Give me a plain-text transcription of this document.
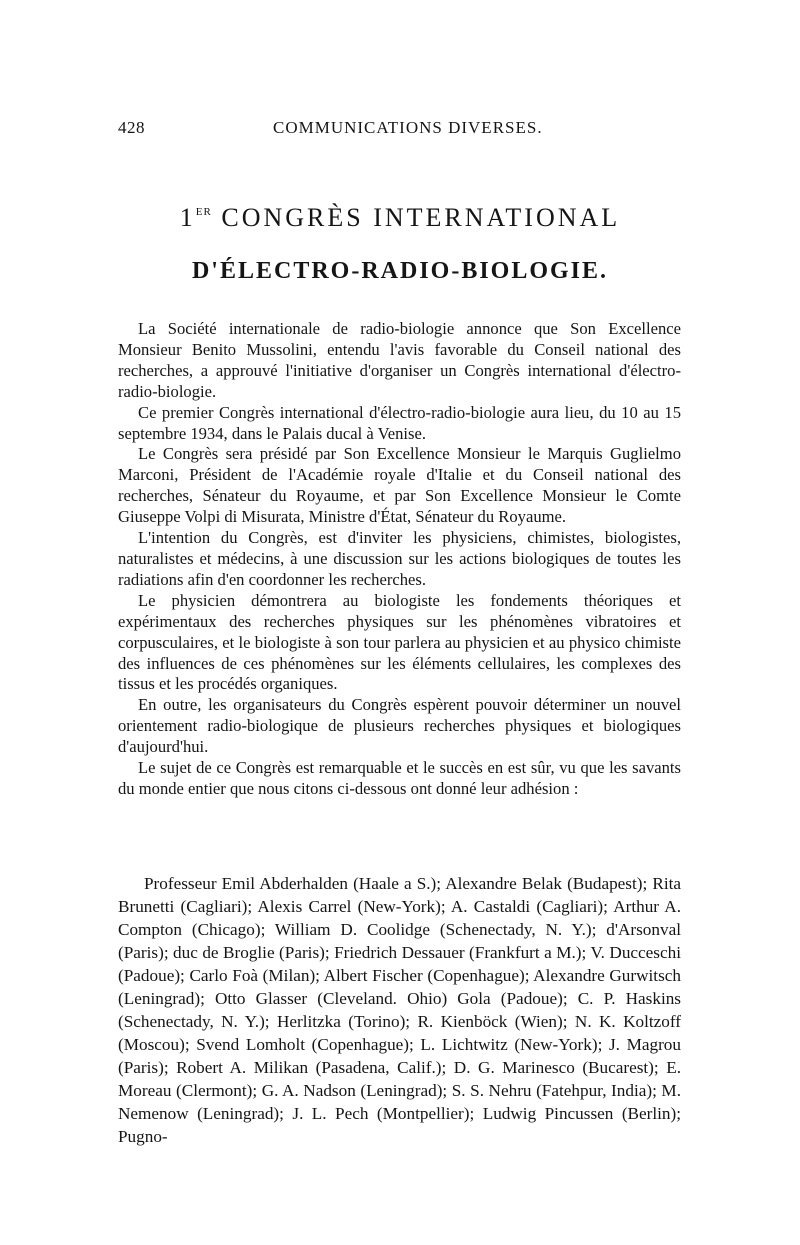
428	COMMUNICATIONS DIVERSES.
1ER CONGRÈS INTERNATIONAL
D'ÉLECTRO-RADIO-BIOLOGIE.

La Société internationale de radio-biologie annonce que Son Excellence Monsieur Benito Mussolini, entendu l'avis favorable du Conseil national des recherches, a approuvé l'initiative d'organiser un Congrès international d'électro-radio-biologie.

Ce premier Congrès international d'électro-radio-biologie aura lieu, du 10 au 15 septembre 1934, dans le Palais ducal à Venise.

Le Congrès sera présidé par Son Excellence Monsieur le Marquis Guglielmo Marconi, Président de l'Académie royale d'Italie et du Conseil national des recherches, Sénateur du Royaume, et par Son Excellence Monsieur le Comte Giuseppe Volpi di Misurata, Ministre d'État, Sénateur du Royaume.

L'intention du Congrès, est d'inviter les physiciens, chimistes, biologistes, naturalistes et médecins, à une discussion sur les actions biologiques de toutes les radiations afin d'en coordonner les recherches.

Le physicien démontrera au biologiste les fondements théoriques et expérimentaux des recherches physiques sur les phénomènes vibratoires et corpusculaires, et le biologiste à son tour parlera au physicien et au physico chimiste des influences de ces phénomènes sur les éléments cellulaires, les complexes des tissus et les procédés organiques.

En outre, les organisateurs du Congrès espèrent pouvoir déterminer un nouvel orientement radio-biologique de plusieurs recherches physiques et biologiques d'aujourd'hui.

Le sujet de ce Congrès est remarquable et le succès en est sûr, vu que les savants du monde entier que nous citons ci-dessous ont donné leur adhésion :

Professeur Emil Abderhalden (Haale a S.); Alexandre Belak (Budapest); Rita Brunetti (Cagliari); Alexis Carrel (New-York); A. Castaldi (Cagliari); Arthur A. Compton (Chicago); William D. Coolidge (Schenectady, N. Y.); d'Arsonval (Paris); duc de Broglie (Paris); Friedrich Dessauer (Frankfurt a M.); V. Ducceschi (Padoue); Carlo Foà (Milan); Albert Fischer (Copenhague); Alexandre Gurwitsch (Leningrad); Otto Glasser (Cleveland. Ohio) Gola (Padoue); C. P. Haskins (Schenectady, N. Y.); Herlitzka (Torino); R. Kienböck (Wien); N. K. Koltzoff (Moscou); Svend Lomholt (Copenhague); L. Lichtwitz (New-York); J. Magrou (Paris); Robert A. Milikan (Pasadena, Calif.); D. G. Marinesco (Bucarest); E. Moreau (Clermont); G. A. Nadson (Leningrad); S. S. Nehru (Fatehpur, India); M. Nemenow (Leningrad); J. L. Pech (Montpellier); Ludwig Pincussen (Berlin); Pugno-
